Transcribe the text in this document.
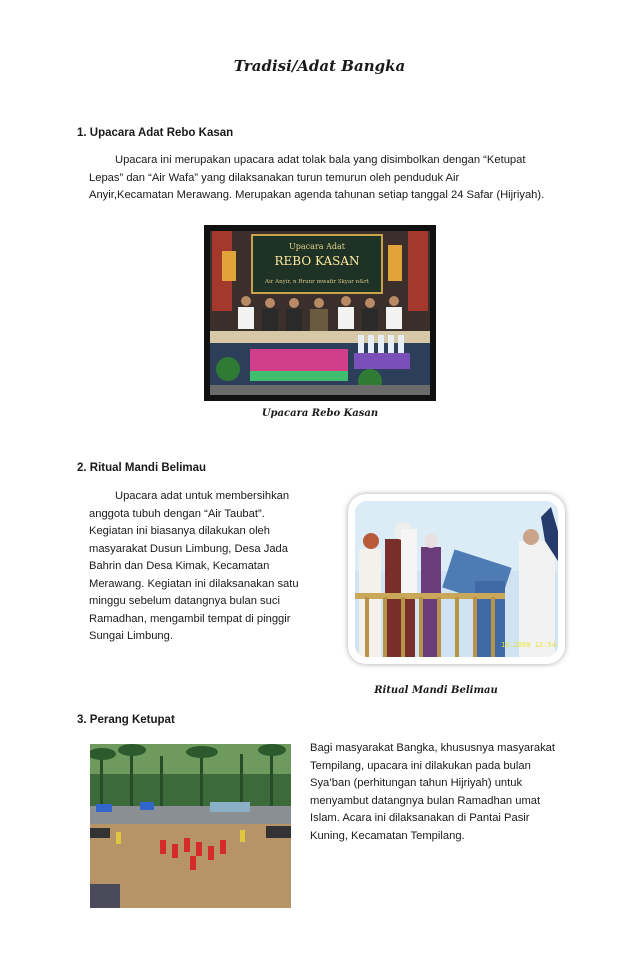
Tradisi/Adat Bangka
1. Upacara Adat Rebo Kasan
Upacara ini merupakan upacara adat tolak bala yang disimbolkan dengan “Ketupat
Lepas” dan “Air Wafa” yang dilaksanakan turun temurun oleh penduduk Air
Anyir,Kecamatan Merawang. Merupakan agenda tahunan setiap tanggal 24 Safar (Hijriyah).
Upacara Adat
REBO KASAN
Air Anyir, n Rrunr mwafir Skyar n&rt
Upacara Rebo Kasan
2. Ritual Mandi Belimau
Upacara adat untuk membersihkan
anggota tubuh dengan “Air Taubat”.
Kegiatan ini biasanya dilakukan oleh
masyarakat Dusun Limbung, Desa Jada
Bahrin dan Desa Kimak, Kecamatan
Merawang. Kegiatan ini dilaksanakan satu
minggu sebelum datangnya bulan suci
Ramadhan, mengambil tempat di pinggir
Sungai Limbung.
10 2009 12:54
Ritual Mandi Belimau
3. Perang Ketupat
Bagi masyarakat Bangka, khususnya masyarakat
Tempilang, upacara ini dilakukan pada bulan
Sya’ban (perhitungan tahun Hijriyah) untuk
menyambut datangnya bulan Ramadhan umat
Islam. Acara ini dilaksanakan di Pantai Pasir
Kuning, Kecamatan Tempilang.
